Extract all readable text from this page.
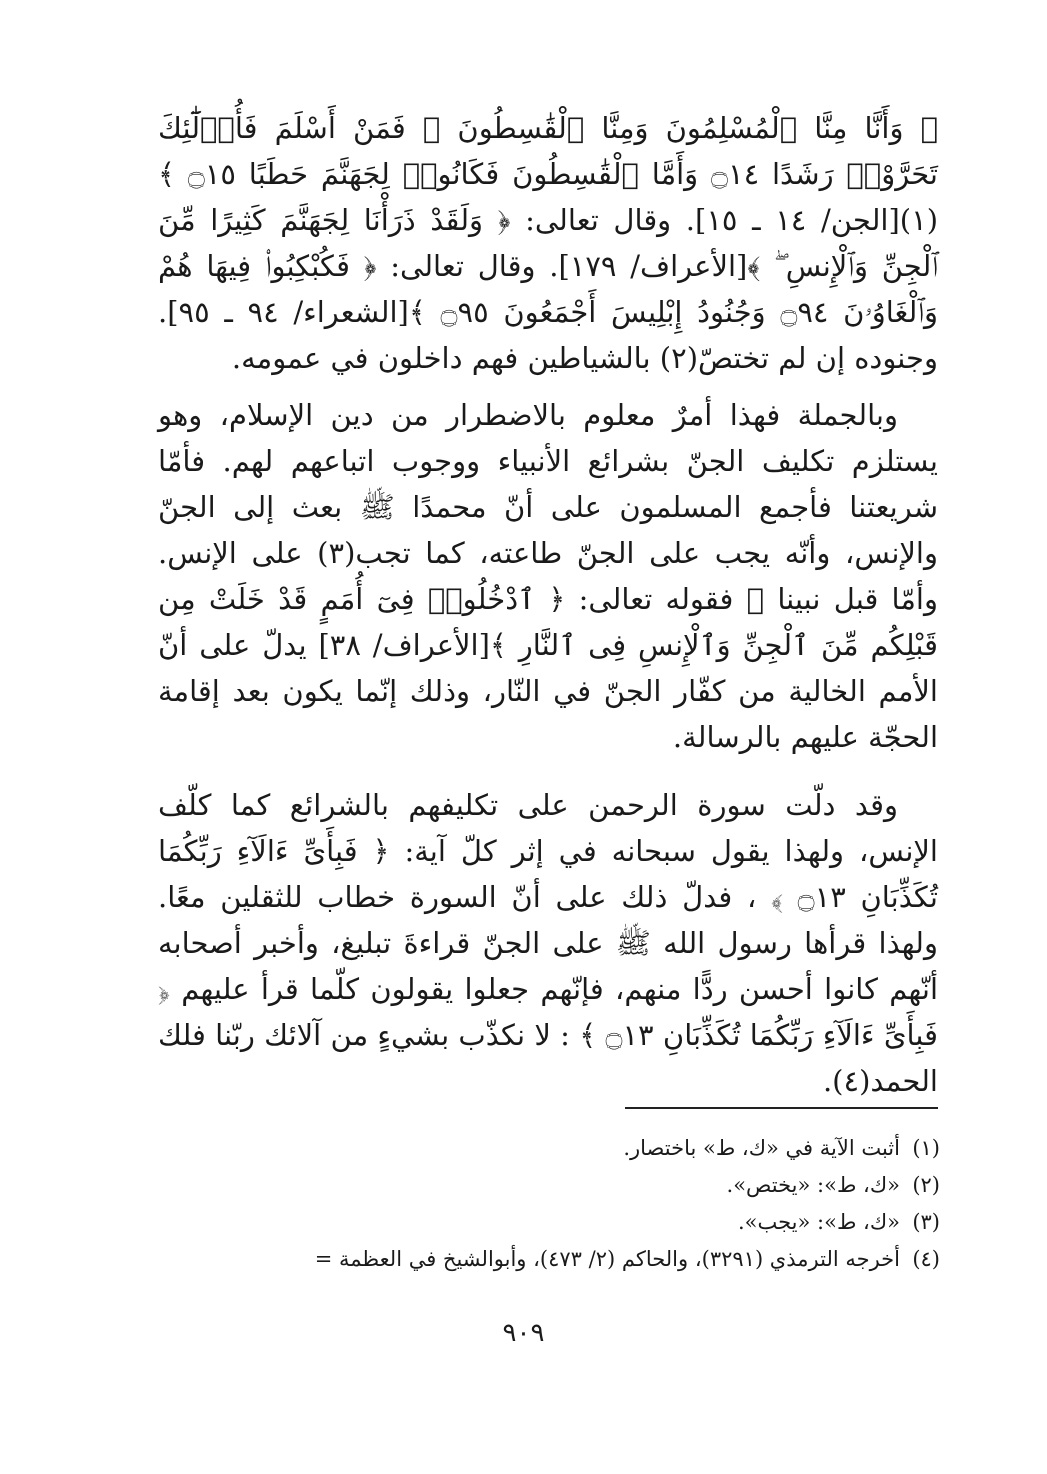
﴿ وَأَنَّا مِنَّا ٱلْمُسْلِمُونَ وَمِنَّا ٱلْقَٰسِطُونَ ۖ فَمَنْ أَسْلَمَ فَأُو۟لَٰٓئِكَ تَحَرَّوْا۟ رَشَدًا ۝١٤ وَأَمَّا ٱلْقَٰسِطُونَ فَكَانُوا۟ لِجَهَنَّمَ حَطَبًا ۝١٥ ﴾(١)[الجن/ ١٤ ـ ١٥]. وقال تعالى: ﴿ وَلَقَدْ ذَرَأْنَا لِجَهَنَّمَ كَثِيرًا مِّنَ ٱلْجِنِّ وَٱلْإِنسِ ۖ ﴾[الأعراف/ ١٧٩]. وقال تعالى: ﴿ فَكُبْكِبُوا۟ فِيهَا هُمْ وَٱلْغَاوُۥنَ ۝٩٤ وَجُنُودُ إِبْلِيسَ أَجْمَعُونَ ۝٩٥ ﴾[الشعراء/ ٩٤ ـ ٩٥]. وجنوده إن لم تختصّ(٢) بالشياطين فهم داخلون في عمومه.

وبالجملة فهذا أمرٌ معلوم بالاضطرار من دين الإسلام، وهو يستلزم تكليف الجنّ بشرائع الأنبياء ووجوب اتباعهم لهم. فأمّا شريعتنا فأجمع المسلمون على أنّ محمدًا ﷺ بعث إلى الجنّ والإنس، وأنّه يجب على الجنّ طاعته، كما تجب(٣) على الإنس. وأمّا قبل نبينا ﷺ فقوله تعالى: ﴿ ٱدْخُلُوا۟ فِىٓ أُمَمٍ قَدْ خَلَتْ مِن قَبْلِكُم مِّنَ ٱلْجِنِّ وَٱلْإِنسِ فِى ٱلنَّارِ ﴾[الأعراف/ ٣٨] يدلّ على أنّ الأمم الخالية من كفّار الجنّ في النّار، وذلك إنّما يكون بعد إقامة الحجّة عليهم بالرسالة.

وقد دلّت سورة الرحمن على تكليفهم بالشرائع كما كلّف الإنس، ولهذا يقول سبحانه في إثر كلّ آية: ﴿ فَبِأَىِّ ءَالَآءِ رَبِّكُمَا تُكَذِّبَانِ ۝١٣ ﴾ ، فدلّ ذلك على أنّ السورة خطاب للثقلين معًا. ولهذا قرأها رسول الله ﷺ على الجنّ قراءةَ تبليغ، وأخبر أصحابه أنّهم كانوا أحسن ردًّا منهم، فإنّهم جعلوا يقولون كلّما قرأ عليهم ﴿ فَبِأَىِّ ءَالَآءِ رَبِّكُمَا تُكَذِّبَانِ ۝١٣ ﴾ : لا نكذّب بشيءٍ من آلائك ربّنا فلك الحمد(٤).

(١)
أثبت الآية في «ك، ط» باختصار.
(٢)
«ك، ط»: «يختص».
(٣)
«ك، ط»: «يجب».
(٤)
أخرجه الترمذي (٣٢٩١)، والحاكم (٢/ ٤٧٣)، وأبوالشيخ في العظمة =
٩٠٩
